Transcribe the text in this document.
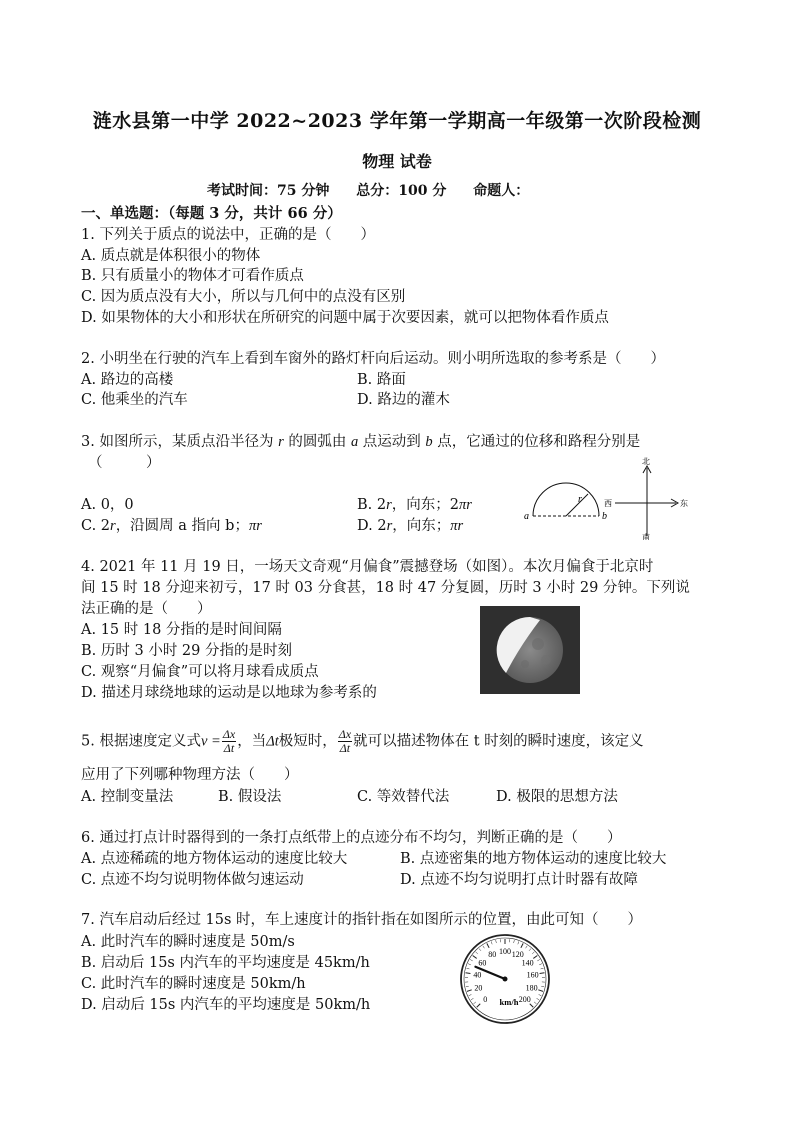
涟水县第一中学 2022~2023 学年第一学期高一年级第一次阶段检测
物理 试卷
考试时间：75 分钟 总分：100 分 命题人：
一、单选题：（每题 3 分，共计 66 分）
1. 下列关于质点的说法中，正确的是（　　）
A. 质点就是体积很小的物体
B. 只有质量小的物体才可看作质点
C. 因为质点没有大小，所以与几何中的点没有区别
D. 如果物体的大小和形状在所研究的问题中属于次要因素，就可以把物体看作质点
2. 小明坐在行驶的汽车上看到车窗外的路灯杆向后运动。则小明所选取的参考系是（　　）
A. 路边的高楼	B. 路面
C. 他乘坐的汽车	D. 路边的灌木
3. 如图所示，某质点沿半径为 r 的圆弧由 a 点运动到 b 点，它通过的位移和路程分别是
（　　　）
A. 0，0	B. 2r，向东；2πr
C. 2r，沿圆周 a 指向 b；πr	D. 2r，向东；πr
a	b
r
北
南
西	东
4. 2021 年 11 月 19 日，一场天文奇观“月偏食”震撼登场（如图）。本次月偏食于北京时
间 15 时 18 分迎来初亏，17 时 03 分食甚，18 时 47 分复圆，历时 3 小时 29 分钟。下列说
法正确的是（　　）
A. 15 时 18 分指的是时间间隔
B. 历时 3 小时 29 分指的是时刻
C. 观察“月偏食”可以将月球看成质点
D. 描述月球绕地球的运动是以地球为参考系的
5. 根据速度定义式$v = \frac{\Delta x}{\Delta t}$ ，当Δt极短时， $\frac{\Delta x}{\Delta t}$ 就可以描述物体在 t 时刻的瞬时速度，该定义
应用了下列哪种物理方法（　　）
A. 控制变量法	B. 假设法	C. 等效替代法	D. 极限的思想方法
6. 通过打点计时器得到的一条打点纸带上的点迹分布不均匀，判断正确的是（　　）
A. 点迹稀疏的地方物体运动的速度比较大	B. 点迹密集的地方物体运动的速度比较大
C. 点迹不均匀说明物体做匀速运动	D. 点迹不均匀说明打点计时器有故障
7. 汽车启动后经过 15s 时，车上速度计的指针指在如图所示的位置，由此可知（　　）
A. 此时汽车的瞬时速度是 50m/s
B. 启动后 15s 内汽车的平均速度是 45km/h
C. 此时汽车的瞬时速度是 50km/h
D. 启动后 15s 内汽车的平均速度是 50km/h	0
20
40
60
80 100 120
140
160
180
200
km/h
